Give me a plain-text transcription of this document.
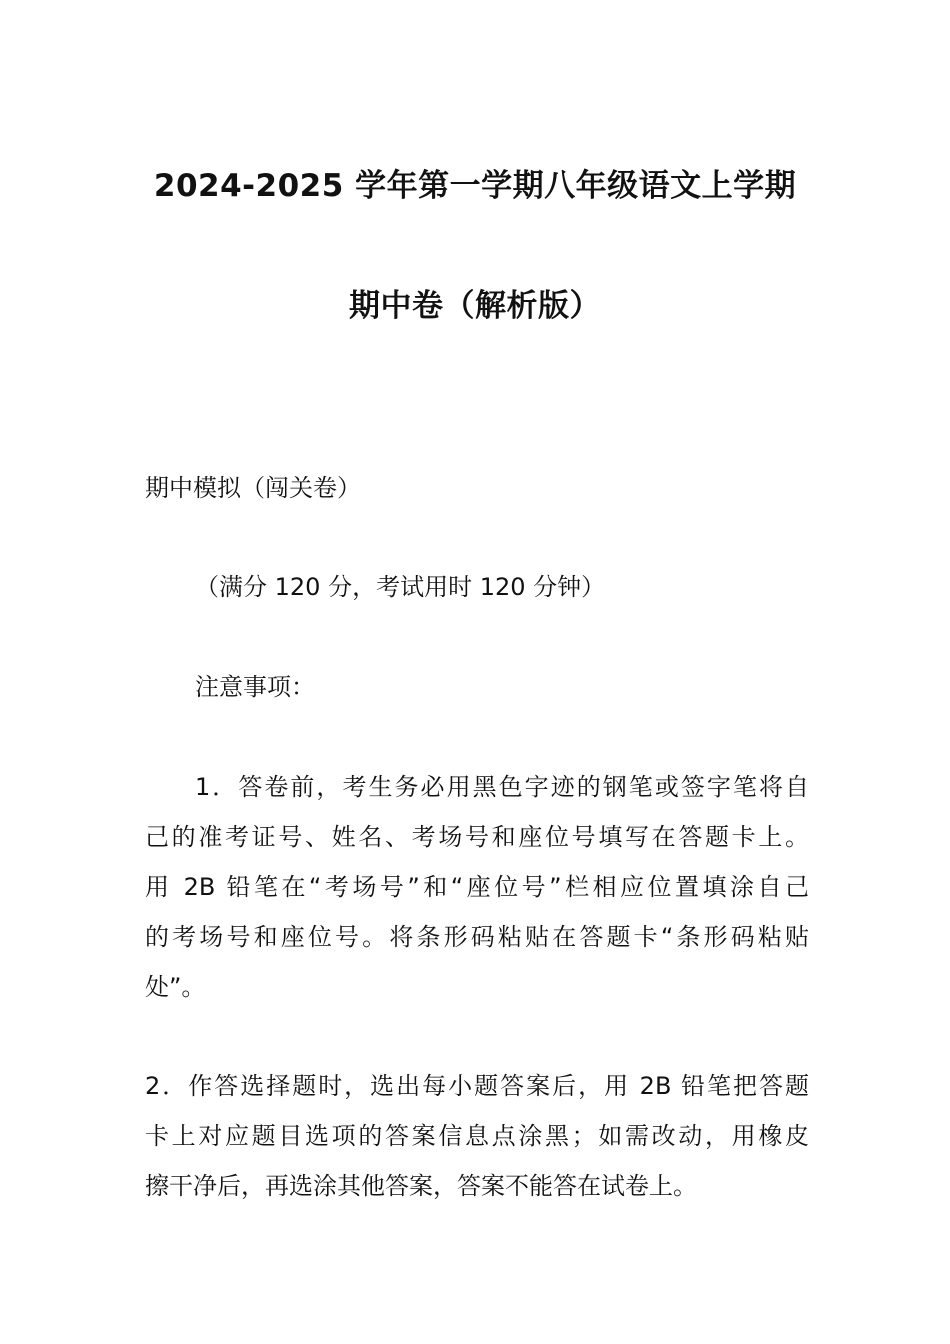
2024-2025 学年第一学期八年级语文上学期
期中卷（解析版）
期中模拟（闯关卷）
（满分 120 分，考试用时 120 分钟）
注意事项：
1．答卷前，考生务必用黑色字迹的钢笔或签字笔将自
己的准考证号、姓名、考场号和座位号填写在答题卡上。
用 2B 铅笔在“考场号”和“座位号”栏相应位置填涂自己
的考场号和座位号。将条形码粘贴在答题卡“条形码粘贴
处”。
2．作答选择题时，选出每小题答案后，用 2B 铅笔把答题
卡上对应题目选项的答案信息点涂黑；如需改动，用橡皮
擦干净后，再选涂其他答案，答案不能答在试卷上。
